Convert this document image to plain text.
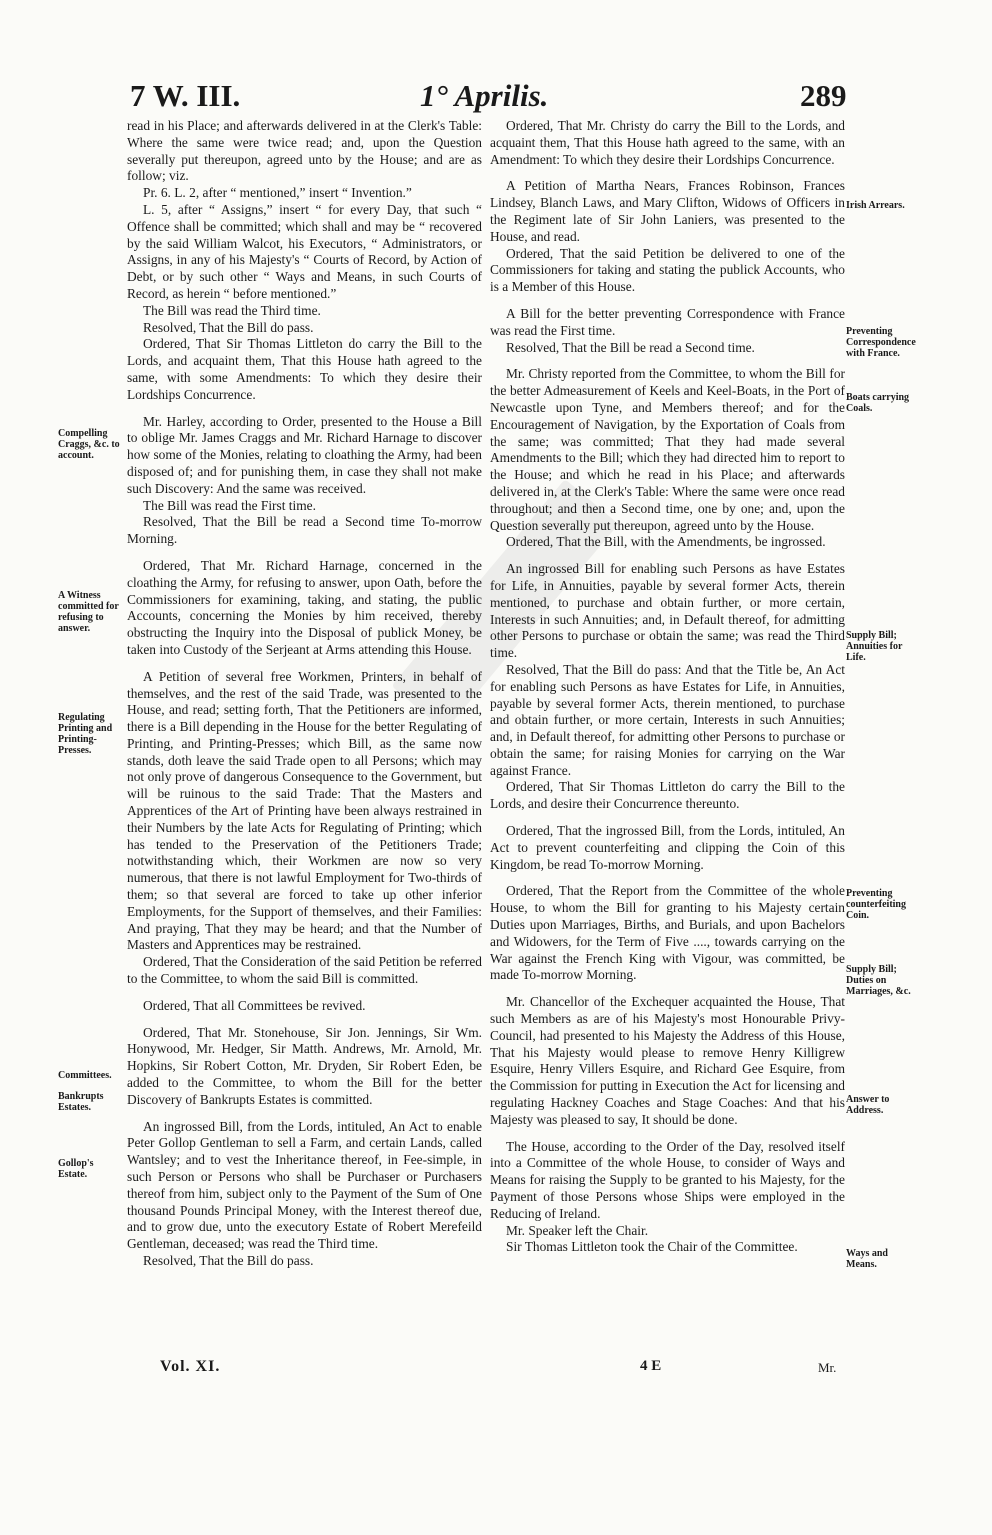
7 W. III.	1° Aprilis.	289

read in his Place; and afterwards delivered in at the Clerk's Table: Where the same were twice read; and, upon the Question severally put thereupon, agreed unto by the House; and are as follow; viz.

Pr. 6. L. 2, after “ mentioned,” insert “ Invention.”

L. 5, after “ Assigns,” insert “ for every Day, that such “ Offence shall be committed; which shall and may be “ recovered by the said William Walcot, his Executors, “ Administrators, or Assigns, in any of his Majesty's “ Courts of Record, by Action of Debt, or by such other “ Ways and Means, in such Courts of Record, as herein “ before mentioned.”

The Bill was read the Third time.

Resolved, That the Bill do pass.

Ordered, That Sir Thomas Littleton do carry the Bill to the Lords, and acquaint them, That this House hath agreed to the same, with some Amendments: To which they desire their Lordships Concurrence.

Mr. Harley, according to Order, presented to the House a Bill to oblige Mr. James Craggs and Mr. Richard Harnage to discover how some of the Monies, relating to cloathing the Army, had been disposed of; and for punishing them, in case they shall not make such Discovery: And the same was received.

The Bill was read the First time.

Resolved, That the Bill be read a Second time To-morrow Morning.

Ordered, That Mr. Richard Harnage, concerned in the cloathing the Army, for refusing to answer, upon Oath, before the Commissioners for examining, taking, and stating, the public Accounts, concerning the Monies by him received, thereby obstructing the Inquiry into the Disposal of publick Money, be taken into Custody of the Serjeant at Arms attending this House.

A Petition of several free Workmen, Printers, in behalf of themselves, and the rest of the said Trade, was presented to the House, and read; setting forth, That the Petitioners are informed, there is a Bill depending in the House for the better Regulating of Printing, and Printing-Presses; which Bill, as the same now stands, doth leave the said Trade open to all Persons; which may not only prove of dangerous Consequence to the Government, but will be ruinous to the said Trade: That the Masters and Apprentices of the Art of Printing have been always restrained in their Numbers by the late Acts for Regulating of Printing; which has tended to the Preservation of the Petitioners Trade; notwithstanding which, their Workmen are now so very numerous, that there is not lawful Employment for Two-thirds of them; so that several are forced to take up other inferior Employments, for the Support of themselves, and their Families: And praying, That they may be heard; and that the Number of Masters and Apprentices may be restrained.

Ordered, That the Consideration of the said Petition be referred to the Committee, to whom the said Bill is committed.

Ordered, That all Committees be revived.

Ordered, That Mr. Stonehouse, Sir Jon. Jennings, Sir Wm. Honywood, Mr. Hedger, Sir Matth. Andrews, Mr. Arnold, Mr. Hopkins, Sir Robert Cotton, Mr. Dryden, Sir Robert Eden, be added to the Committee, to whom the Bill for the better Discovery of Bankrupts Estates is committed.

An ingrossed Bill, from the Lords, intituled, An Act to enable Peter Gollop Gentleman to sell a Farm, and certain Lands, called Wantsley; and to vest the Inheritance thereof, in Fee-simple, in such Person or Persons who shall be Purchaser or Purchasers thereof from him, subject only to the Payment of the Sum of One thousand Pounds Principal Money, with the Interest thereof due, and to grow due, unto the executory Estate of Robert Merefeild Gentleman, deceased; was read the Third time.

Resolved, That the Bill do pass.

Ordered, That Mr. Christy do carry the Bill to the Lords, and acquaint them, That this House hath agreed to the same, with an Amendment: To which they desire their Lordships Concurrence.

A Petition of Martha Nears, Frances Robinson, Frances Lindsey, Blanch Laws, and Mary Clifton, Widows of Officers in the Regiment late of Sir John Laniers, was presented to the House, and read.

Ordered, That the said Petition be delivered to one of the Commissioners for taking and stating the publick Accounts, who is a Member of this House.

A Bill for the better preventing Correspondence with France was read the First time.

Resolved, That the Bill be read a Second time.

Mr. Christy reported from the Committee, to whom the Bill for the better Admeasurement of Keels and Keel-Boats, in the Port of Newcastle upon Tyne, and Members thereof; and for the Encouragement of Navigation, by the Exportation of Coals from the same; was committed; That they had made several Amendments to the Bill; which they had directed him to report to the House; and which he read in his Place; and afterwards delivered in, at the Clerk's Table: Where the same were once read throughout; and then a Second time, one by one; and, upon the Question severally put thereupon, agreed unto by the House.

Ordered, That the Bill, with the Amendments, be ingrossed.

An ingrossed Bill for enabling such Persons as have Estates for Life, in Annuities, payable by several former Acts, therein mentioned, to purchase and obtain further, or more certain, Interests in such Annuities; and, in Default thereof, for admitting other Persons to purchase or obtain the same; was read the Third time.

Resolved, That the Bill do pass: And that the Title be, An Act for enabling such Persons as have Estates for Life, in Annuities, payable by several former Acts, therein mentioned, to purchase and obtain further, or more certain, Interests in such Annuities; and, in Default thereof, for admitting other Persons to purchase or obtain the same; for raising Monies for carrying on the War against France.

Ordered, That Sir Thomas Littleton do carry the Bill to the Lords, and desire their Concurrence thereunto.

Ordered, That the ingrossed Bill, from the Lords, intituled, An Act to prevent counterfeiting and clipping the Coin of this Kingdom, be read To-morrow Morning.

Ordered, That the Report from the Committee of the whole House, to whom the Bill for granting to his Majesty certain Duties upon Marriages, Births, and Burials, and upon Bachelors and Widowers, for the Term of Five ...., towards carrying on the War against the French King with Vigour, was committed, be made To-morrow Morning.

Mr. Chancellor of the Exchequer acquainted the House, That such Members as are of his Majesty's most Honourable Privy-Council, had presented to his Majesty the Address of this House, That his Majesty would please to remove Henry Killigrew Esquire, Henry Villers Esquire, and Richard Gee Esquire, from the Commission for putting in Execution the Act for licensing and regulating Hackney Coaches and Stage Coaches: And that his Majesty was pleased to say, It should be done.

The House, according to the Order of the Day, resolved itself into a Committee of the whole House, to consider of Ways and Means for raising the Supply to be granted to his Majesty, for the Payment of those Persons whose Ships were employed in the Reducing of Ireland.

Mr. Speaker left the Chair.

Sir Thomas Littleton took the Chair of the Committee.

Compelling Craggs, &c. to account.
A Witness committed for refusing to answer.
Regulating Printing and Printing-Presses.
Committees.
Bankrupts Estates.
Gollop's Estate.
Irish Arrears.
Preventing Correspondence with France.
Boats carrying Coals.
Supply Bill; Annuities for Life.
Preventing counterfeiting Coin.
Supply Bill; Duties on Marriages, &c.
Answer to Address.
Ways and Means.
Vol. XI.	4 E	Mr.
